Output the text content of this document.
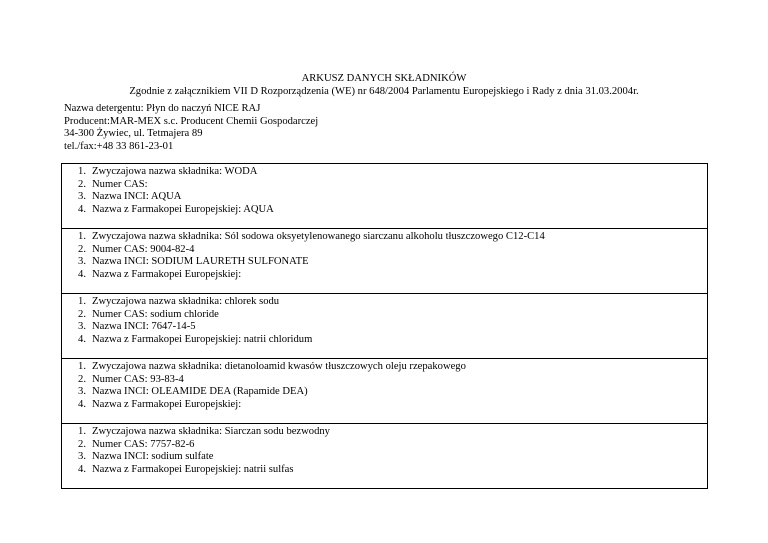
ARKUSZ DANYCH SKŁADNIKÓW
Zgodnie z załącznikiem VII D Rozporządzenia (WE) nr 648/2004 Parlamentu Europejskiego i Rady z dnia 31.03.2004r.
Nazwa detergentu: Płyn do naczyń NICE RAJ
Producent:MAR-MEX s.c. Producent Chemii Gospodarczej
34-300 Żywiec, ul. Tetmajera 89
tel./fax:+48 33 861-23-01
1. Zwyczajowa nazwa składnika: WODA
2. Numer CAS:
3. Nazwa INCI: AQUA
4. Nazwa z Farmakopei Europejskiej: AQUA
1. Zwyczajowa nazwa składnika: Sól sodowa oksyetylenowanego siarczanu alkoholu tłuszczowego C12-C14
2. Numer CAS: 9004-82-4
3. Nazwa INCI: SODIUM LAURETH SULFONATE
4. Nazwa z Farmakopei Europejskiej:
1. Zwyczajowa nazwa składnika: chlorek sodu
2. Numer CAS: sodium chloride
3. Nazwa INCI: 7647-14-5
4. Nazwa z Farmakopei Europejskiej: natrii chloridum
1. Zwyczajowa nazwa składnika: dietanoloamid kwasów tłuszczowych oleju rzepakowego
2. Numer CAS: 93-83-4
3. Nazwa INCI: OLEAMIDE DEA (Rapamide DEA)
4. Nazwa z Farmakopei Europejskiej:
1. Zwyczajowa nazwa składnika: Siarczan sodu bezwodny
2. Numer CAS: 7757-82-6
3. Nazwa INCI: sodium sulfate
4. Nazwa z Farmakopei Europejskiej: natrii sulfas
